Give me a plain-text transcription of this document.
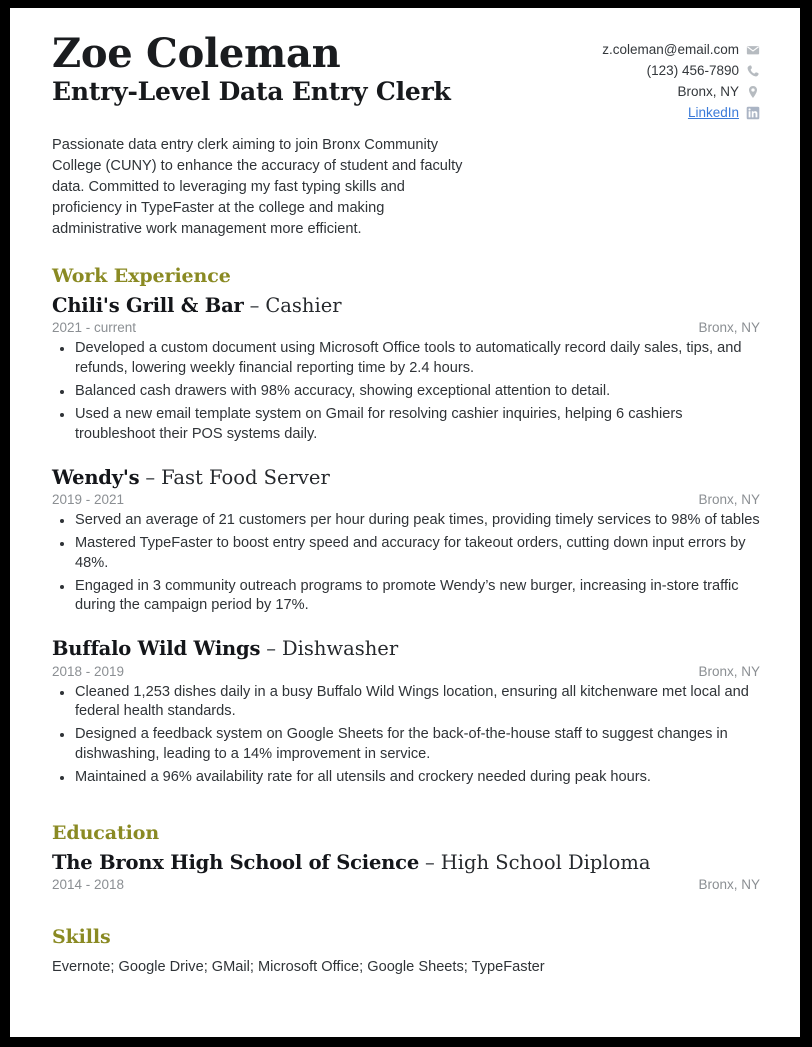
Zoe Coleman
Entry-Level Data Entry Clerk
z.coleman@email.com
(123) 456-7890
Bronx, NY
LinkedIn

Passionate data entry clerk aiming to join Bronx Community College (CUNY) to enhance the accuracy of student and faculty data. Committed to leveraging my fast typing skills and proficiency in TypeFaster at the college and making administrative work management more efficient.

Work Experience
Chili's Grill & Bar – Cashier
2021 - current	Bronx, NY
Developed a custom document using Microsoft Office tools to automatically record daily sales, tips, and refunds, lowering weekly financial reporting time by 2.4 hours.
Balanced cash drawers with 98% accuracy, showing exceptional attention to detail.
Used a new email template system on Gmail for resolving cashier inquiries, helping 6 cashiers troubleshoot their POS systems daily.
Wendy's – Fast Food Server
2019 - 2021	Bronx, NY
Served an average of 21 customers per hour during peak times, providing timely services to 98% of tables
Mastered TypeFaster to boost entry speed and accuracy for takeout orders, cutting down input errors by 48%.
Engaged in 3 community outreach programs to promote Wendy’s new burger, increasing in-store traffic during the campaign period by 17%.
Buffalo Wild Wings – Dishwasher
2018 - 2019	Bronx, NY
Cleaned 1,253 dishes daily in a busy Buffalo Wild Wings location, ensuring all kitchenware met local and federal health standards.
Designed a feedback system on Google Sheets for the back-of-the-house staff to suggest changes in dishwashing, leading to a 14% improvement in service.
Maintained a 96% availability rate for all utensils and crockery needed during peak hours.
Education
The Bronx High School of Science – High School Diploma
2014 - 2018	Bronx, NY
Skills
Evernote; Google Drive; GMail; Microsoft Office; Google Sheets; TypeFaster
